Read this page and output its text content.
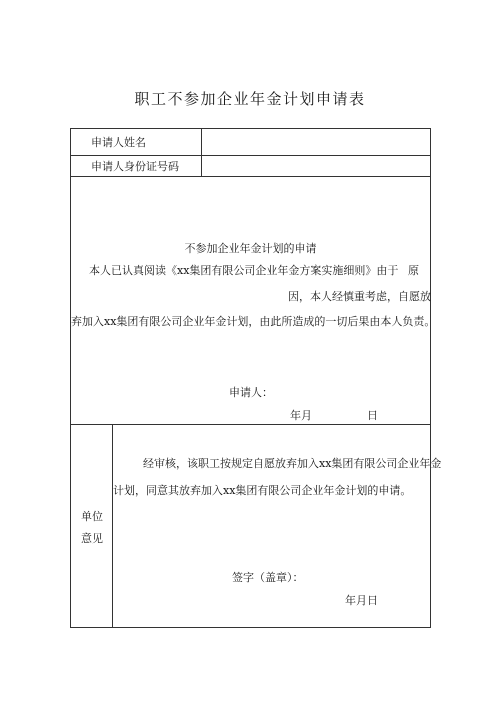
职工不参加企业年金计划申请表
申请人姓名
申请人身份证号码
不参加企业年金计划的申请
本人已认真阅读《xx集团有限公司企业年金方案实施细则》由于 原
因，本人经慎重考虑，自愿放
弃加入xx集团有限公司企业年金计划，由此所造成的一切后果由本人负责。
申请人：
年月	日
单位
意见
经审核，该职工按规定自愿放弃加入xx集团有限公司企业年金
计划，同意其放弃加入xx集团有限公司企业年金计划的申请。
签字（盖章）：
年月日
